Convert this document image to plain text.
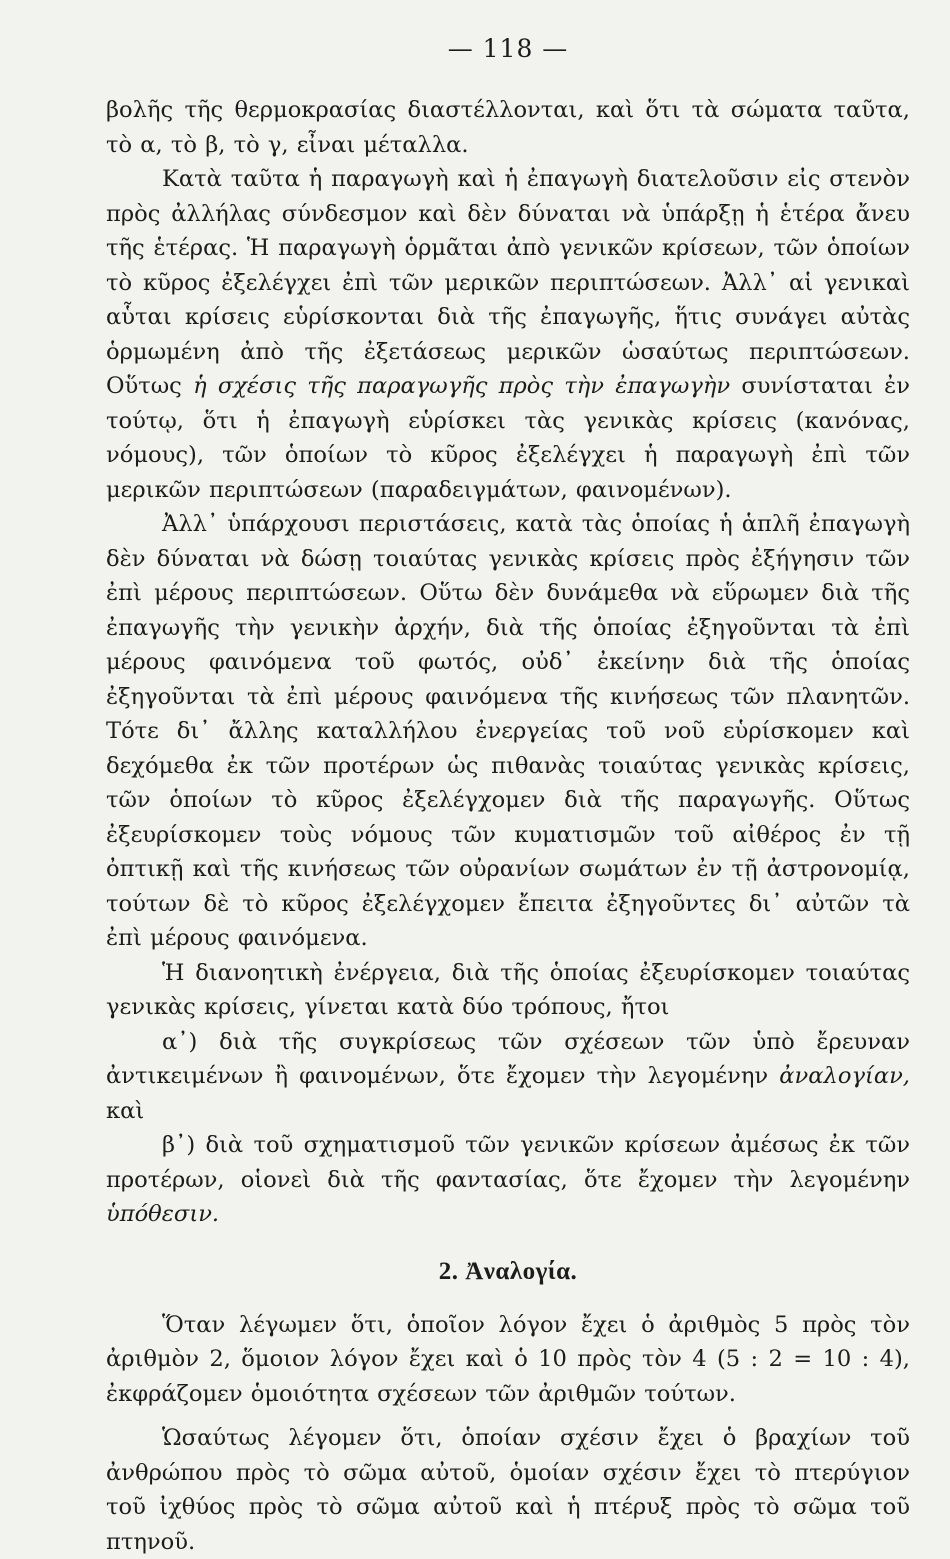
— 118 —

βολῆς τῆς θερμοκρασίας διαστέλλονται, καὶ ὅτι τὰ σώματα ταῦτα, τὸ α, τὸ β, τὸ γ, εἶναι μέταλλα.

Κατὰ ταῦτα ἡ παραγωγὴ καὶ ἡ ἐπαγωγὴ διατελοῦσιν εἰς στενὸν πρὸς ἀλλήλας σύνδεσμον καὶ δὲν δύναται νὰ ὑπάρξῃ ἡ ἑτέρα ἄνευ τῆς ἑτέρας. Ἡ παραγωγὴ ὁρμᾶται ἀπὸ γενικῶν κρίσεων, τῶν ὁποίων τὸ κῦρος ἐξελέγχει ἐπὶ τῶν μερικῶν περιπτώσεων. Ἀλλ᾽ αἱ γενικαὶ αὗται κρίσεις εὑρίσκονται διὰ τῆς ἐπαγωγῆς, ἥτις συνάγει αὐτὰς ὁρμωμένη ἀπὸ τῆς ἐξετάσεως μερικῶν ὡσαύτως περιπτώσεων. Οὕτως ἡ σχέσις τῆς παραγωγῆς πρὸς τὴν ἐπαγωγὴν συνίσταται ἐν τούτῳ, ὅτι ἡ ἐπαγωγὴ εὑρίσκει τὰς γενικὰς κρίσεις (κανόνας, νόμους), τῶν ὁποίων τὸ κῦρος ἐξελέγχει ἡ παραγωγὴ ἐπὶ τῶν μερικῶν περιπτώσεων (παραδειγμάτων, φαινομένων).

Ἀλλ᾽ ὑπάρχουσι περιστάσεις, κατὰ τὰς ὁποίας ἡ ἁπλῆ ἐπαγωγὴ δὲν δύναται νὰ δώσῃ τοιαύτας γενικὰς κρίσεις πρὸς ἐξήγησιν τῶν ἐπὶ μέρους περιπτώσεων. Οὕτω δὲν δυνάμεθα νὰ εὕρωμεν διὰ τῆς ἐπαγωγῆς τὴν γενικὴν ἀρχήν, διὰ τῆς ὁποίας ἐξηγοῦνται τὰ ἐπὶ μέρους φαινόμενα τοῦ φωτός, οὐδ᾽ ἐκείνην διὰ τῆς ὁποίας ἐξηγοῦνται τὰ ἐπὶ μέρους φαινόμενα τῆς κινήσεως τῶν πλανητῶν. Τότε δι᾽ ἄλλης καταλλήλου ἐνεργείας τοῦ νοῦ εὑρίσκομεν καὶ δεχόμεθα ἐκ τῶν προτέρων ὡς πιθανὰς τοιαύτας γενικὰς κρίσεις, τῶν ὁποίων τὸ κῦρος ἐξελέγχομεν διὰ τῆς παραγωγῆς. Οὕτως ἐξευρίσκομεν τοὺς νόμους τῶν κυματισμῶν τοῦ αἰθέρος ἐν τῇ ὀπτικῇ καὶ τῆς κινήσεως τῶν οὐρανίων σωμάτων ἐν τῇ ἀστρονομίᾳ, τούτων δὲ τὸ κῦρος ἐξελέγχομεν ἔπειτα ἐξηγοῦντες δι᾽ αὐτῶν τὰ ἐπὶ μέρους φαινόμενα.

Ἡ διανοητικὴ ἐνέργεια, διὰ τῆς ὁποίας ἐξευρίσκομεν τοιαύτας γενικὰς κρίσεις, γίνεται κατὰ δύο τρόπους, ἤτοι

α᾽) διὰ τῆς συγκρίσεως τῶν σχέσεων τῶν ὑπὸ ἔρευναν ἀντικειμένων ἢ φαινομένων, ὅτε ἔχομεν τὴν λεγομένην ἀναλογίαν, καὶ

β᾽) διὰ τοῦ σχηματισμοῦ τῶν γενικῶν κρίσεων ἀμέσως ἐκ τῶν προτέρων, οἱονεὶ διὰ τῆς φαντασίας, ὅτε ἔχομεν τὴν λεγομένην ὑπόθεσιν.

2. Ἀναλογία.

Ὅταν λέγωμεν ὅτι, ὁποῖον λόγον ἔχει ὁ ἀριθμὸς 5 πρὸς τὸν ἀριθμὸν 2, ὅμοιον λόγον ἔχει καὶ ὁ 10 πρὸς τὸν 4 (5 : 2 = 10 : 4), ἐκφράζομεν ὁμοιότητα σχέσεων τῶν ἀριθμῶν τούτων.

Ὡσαύτως λέγομεν ὅτι, ὁποίαν σχέσιν ἔχει ὁ βραχίων τοῦ ἀνθρώπου πρὸς τὸ σῶμα αὐτοῦ, ὁμοίαν σχέσιν ἔχει τὸ πτερύγιον τοῦ ἰχθύος πρὸς τὸ σῶμα αὐτοῦ καὶ ἡ πτέρυξ πρὸς τὸ σῶμα τοῦ πτηνοῦ.
